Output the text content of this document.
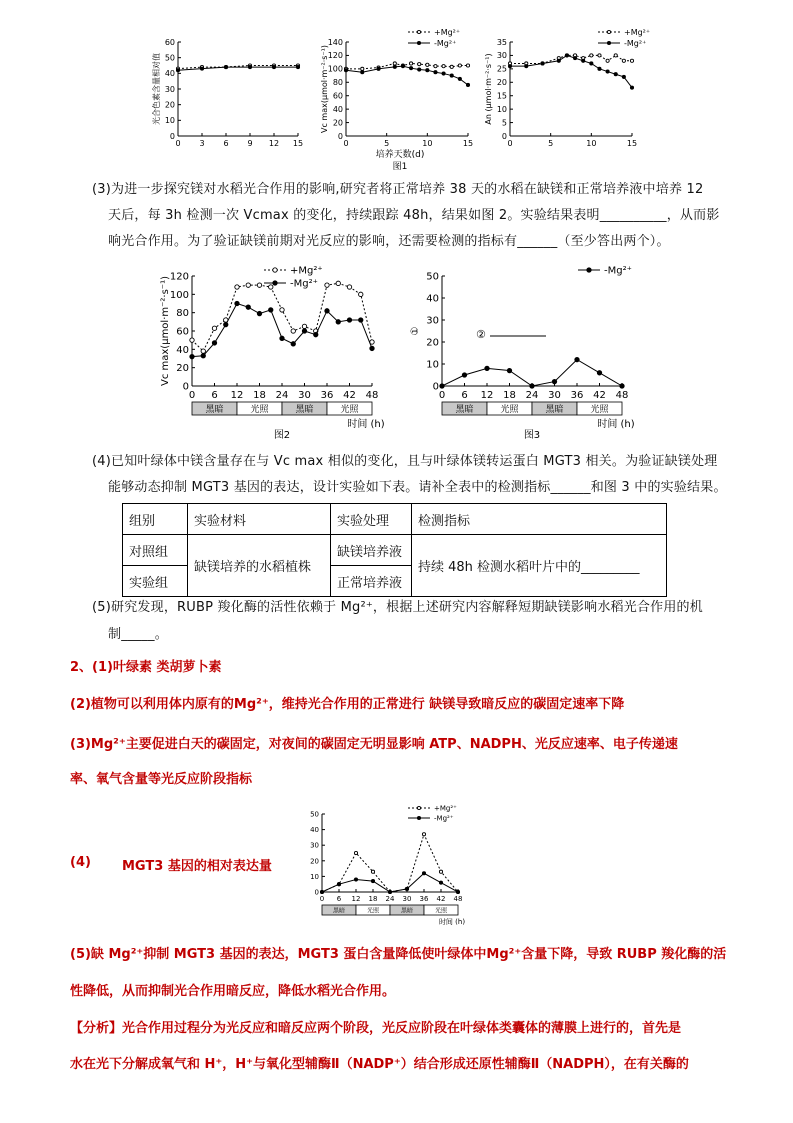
0
10
20
30
40
50
60
0 3 6 9 12 15
光合色素含量相对值
0
20
40
60
80
100
120
140
0	5	10	15
Vc max(μmol·m⁻²·s⁻¹)
+Mg²⁺
-Mg²⁺
0
5
10
15
20
25
30
35
0	5	10	15
An (μmol·m⁻²·s⁻¹)
+Mg²⁺
-Mg²⁺
培养天数(d)
图1
(3)为进一步探究镁对水稻光合作用的影响,研究者将正常培养 38 天的水稻在缺镁和正常培养液中培养 12
天后，每 3h 检测一次 Vcmax 的变化，持续跟踪 48h，结果如图 2。实验结果表明__________，从而影
响光合作用。为了验证缺镁前期对光反应的影响，还需要检测的指标有______（至少答出两个）。
0
20
40
60
80
100
120
0 6 12 18 24 30 36 42 48
Vc max(μmol·m⁻²·s⁻¹)
+Mg²⁺
-Mg²⁺
黑暗	光照	黑暗	光照
时间 (h)
图2
0
10
20
30
40
50
0 6 12 18 24 30 36 42 48
①
-Mg²⁺
黑暗	光照	黑暗	光照
时间 (h)
②
图3
(4)已知叶绿体中镁含量存在与 Vc max 相似的变化，且与叶绿体镁转运蛋白 MGT3 相关。为验证缺镁处理
能够动态抑制 MGT3 基因的表达，设计实验如下表。请补全表中的检测指标______和图 3 中的实验结果。
组别	实验材料	实验处理	检测指标
对照组	缺镁培养的水稻植株	缺镁培养液	持续 48h 检测水稻叶片中的_________
实验组		正常培养液	
(5)研究发现，RUBP 羧化酶的活性依赖于 Mg²⁺，根据上述研究内容解释短期缺镁影响水稻光合作用的机
制_____。
2、(1)叶绿素 类胡萝卜素
(2)植物可以利用体内原有的Mg²⁺，维持光合作用的正常进行 缺镁导致暗反应的碳固定速率下降
(3)Mg²⁺主要促进白天的碳固定，对夜间的碳固定无明显影响 ATP、NADPH、光反应速率、电子传递速
率、氧气含量等光反应阶段指标
0
10
20
30
40
50
0 6 12 18 24 30 36 42 48
+Mg²⁺
-Mg²⁺
黑暗	光照	黑暗	光照
时间 (h)
(4) MGT3 基因的相对表达量
(5)缺 Mg²⁺抑制 MGT3 基因的表达，MGT3 蛋白含量降低使叶绿体中Mg²⁺含量下降，导致 RUBP 羧化酶的活
性降低，从而抑制光合作用暗反应，降低水稻光合作用。
【分析】光合作用过程分为光反应和暗反应两个阶段，光反应阶段在叶绿体类囊体的薄膜上进行的，首先是
水在光下分解成氧气和 H⁺，H⁺与氧化型辅酶Ⅱ（NADP⁺）结合形成还原性辅酶Ⅱ（NADPH），在有关酶的
